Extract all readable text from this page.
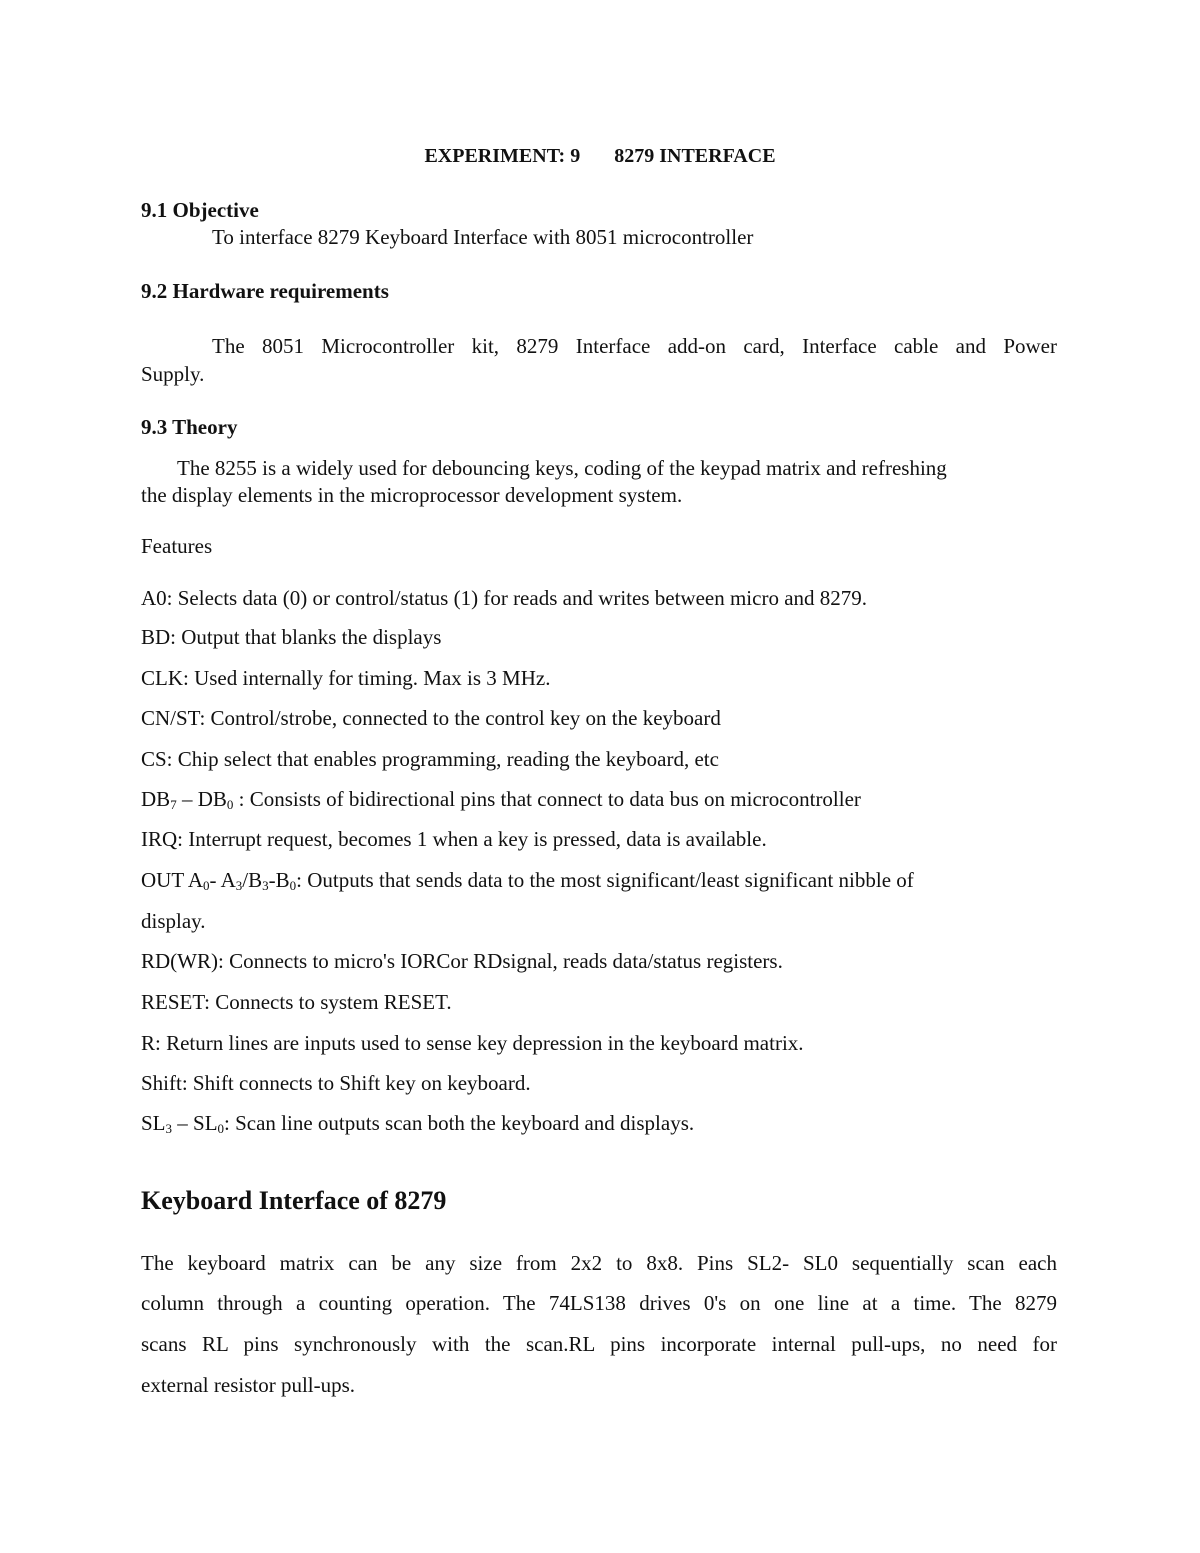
EXPERIMENT: 9 8279 INTERFACE
9.1 Objective
To interface 8279 Keyboard Interface with 8051 microcontroller
9.2 Hardware requirements
The 8051 Microcontroller kit, 8279 Interface add-on card, Interface cable and Power
Supply.
9.3 Theory
The 8255 is a widely used for debouncing keys, coding of the keypad matrix and refreshing
the display elements in the microprocessor development system.
Features
A0: Selects data (0) or control/status (1) for reads and writes between micro and 8279.
BD: Output that blanks the displays
CLK: Used internally for timing. Max is 3 MHz.
CN/ST: Control/strobe, connected to the control key on the keyboard
CS: Chip select that enables programming, reading the keyboard, etc
$DB_7 - DB_0$ : Consists of bidirectional pins that connect to data bus on microcontroller
IRQ: Interrupt request, becomes 1 when a key is pressed, data is available.
OUT $A_0-$ $A_3/B_3-B_0$: Outputs that sends data to the most significant/least significant nibble of
display.
RD(WR): Connects to micro's IORCor RDsignal, reads data/status registers.
RESET: Connects to system RESET.
R: Return lines are inputs used to sense key depression in the keyboard matrix.
Shift: Shift connects to Shift key on keyboard.
$SL_3 - SL_0$: Scan line outputs scan both the keyboard and displays.
Keyboard Interface of 8279
The keyboard matrix can be any size from 2x2 to 8x8. Pins SL2- SL0 sequentially scan each
column through a counting operation. The 74LS138 drives 0's on one line at a time. The 8279
scans RL pins synchronously with the scan.RL pins incorporate internal pull-ups, no need for
external resistor pull-ups.
